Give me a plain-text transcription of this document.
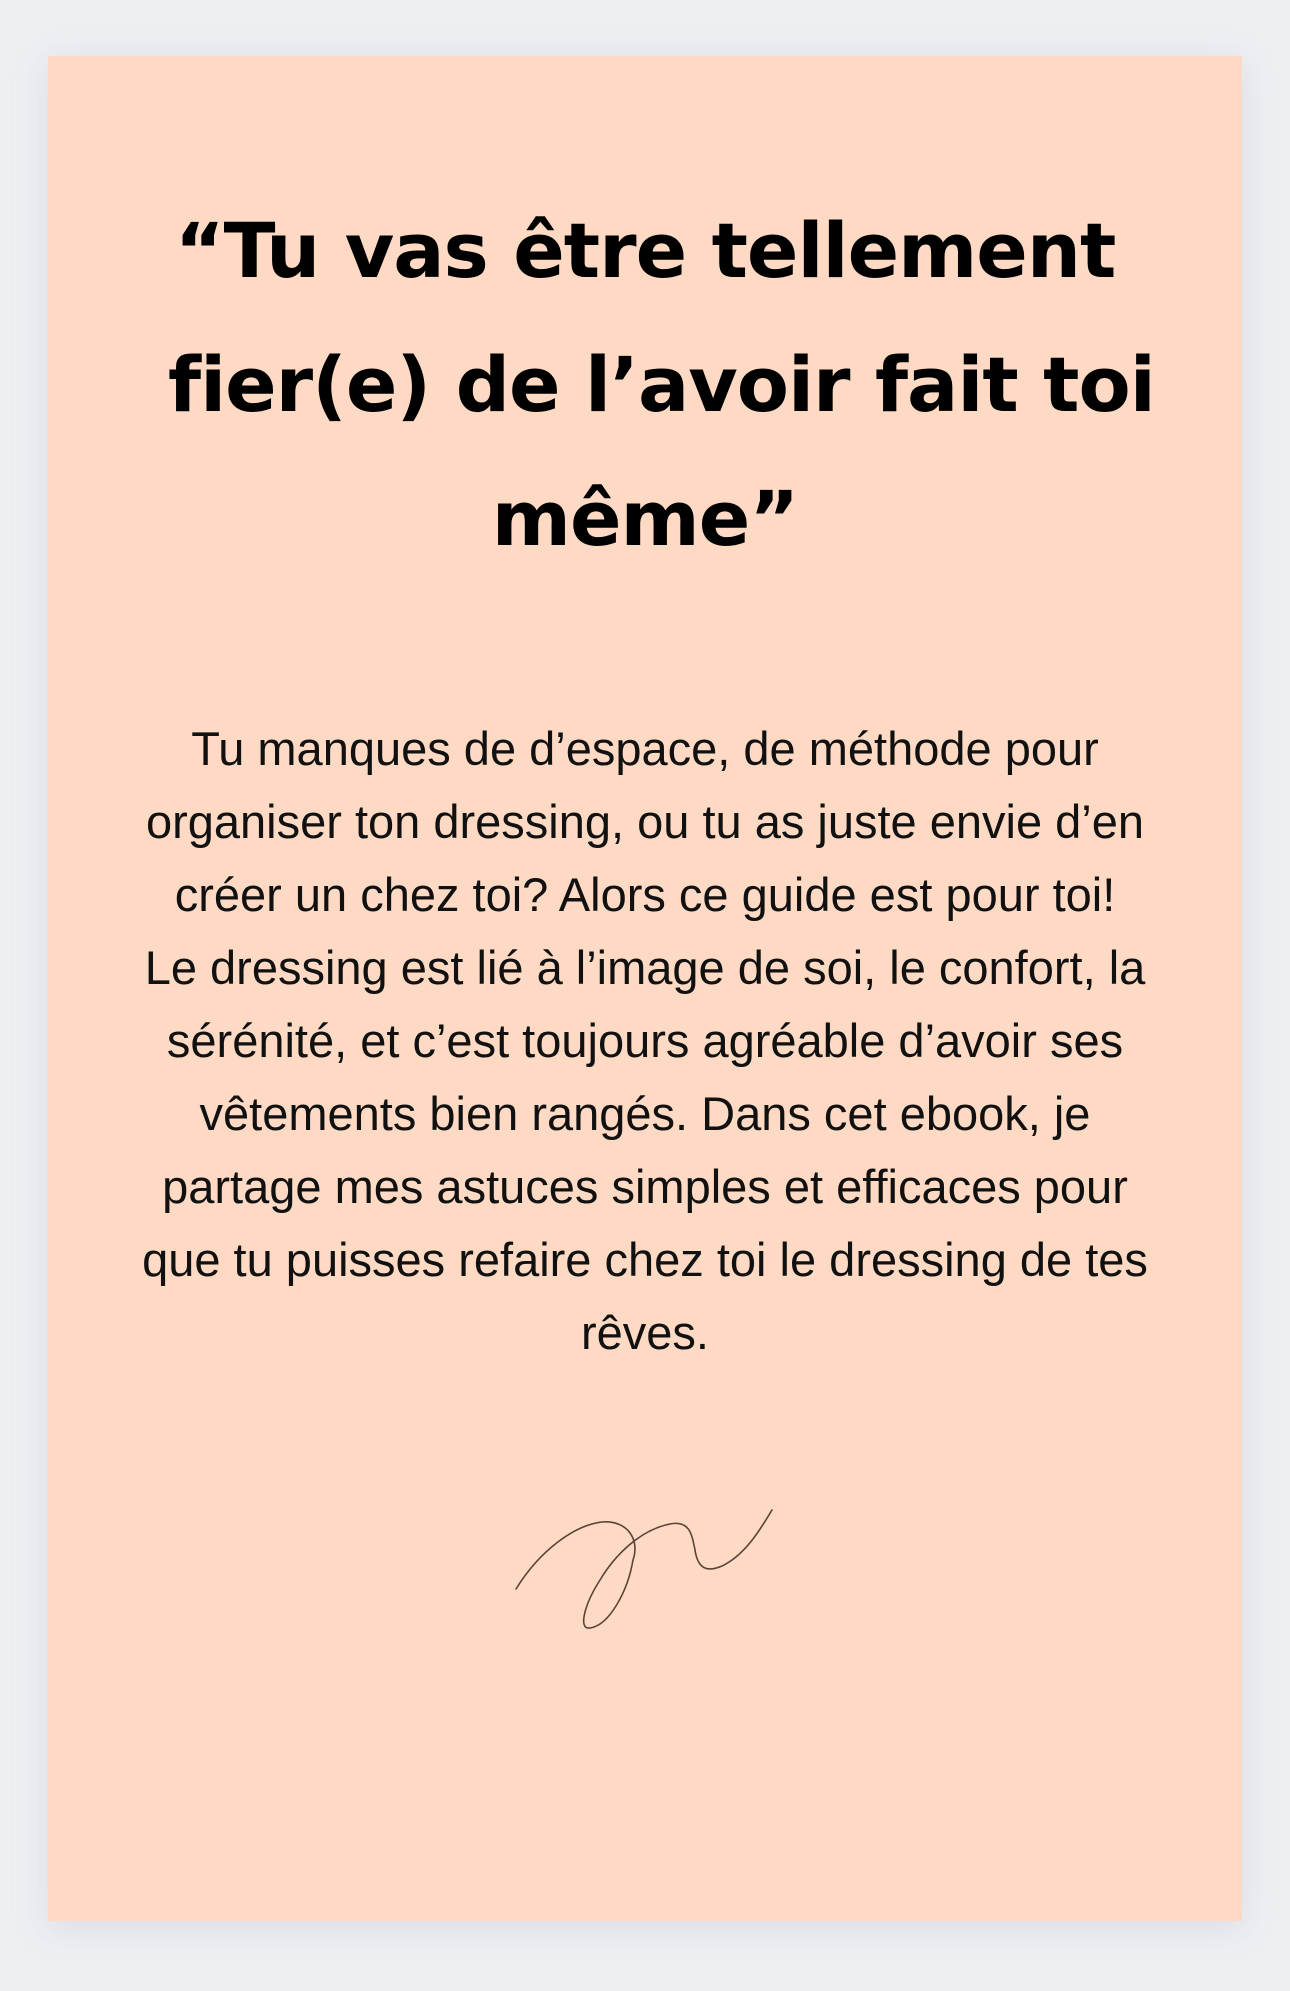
“Tu vas être tellement
fier(e) de l’avoir fait toi
même”

Tu manques de d’espace, de méthode pour
organiser ton dressing, ou tu as juste envie d’en
créer un chez toi? Alors ce guide est pour toi!
Le dressing est lié à l’image de soi, le confort, la
sérénité, et c’est toujours agréable d’avoir ses
vêtements bien rangés. Dans cet ebook, je
partage mes astuces simples et efficaces pour
que tu puisses refaire chez toi le dressing de tes
rêves.
